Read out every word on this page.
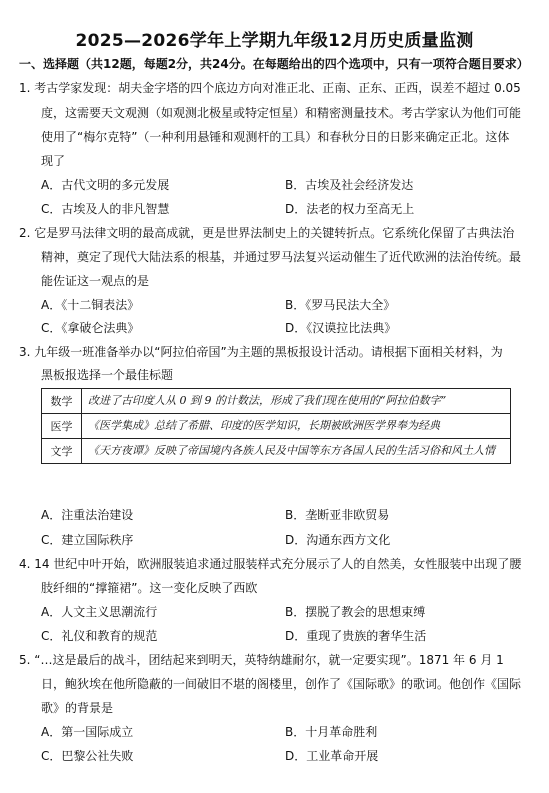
2025—2026学年上学期九年级12月历史质量监测
一、选择题（共12题，每题2分，共24分。在每题给出的四个选项中，只有一项符合题目要求）
1. 考古学家发现：胡夫金字塔的四个底边方向对准正北、正南、正东、正西，误差不超过 0.05
度，这需要天文观测（如观测北极星或特定恒星）和精密测量技术。考古学家认为他们可能
使用了“梅尔克特”（一种利用悬锤和观测杆的工具）和春秋分日的日影来确定正北。这体
现了
A．古代文明的多元发展	B．古埃及社会经济发达
C．古埃及人的非凡智慧	D．法老的权力至高无上
2. 它是罗马法律文明的最高成就，更是世界法制史上的关键转折点。它系统化保留了古典法治
精神，奠定了现代大陆法系的根基，并通过罗马法复兴运动催生了近代欧洲的法治传统。最
能佐证这一观点的是
A．《十二铜表法》	B．《罗马民法大全》
C．《拿破仑法典》	D．《汉谟拉比法典》
3. 九年级一班准备举办以“阿拉伯帝国”为主题的黑板报设计活动。请根据下面相关材料，为
黑板报选择一个最佳标题
数学	改进了古印度人从 0 到 9 的计数法，形成了我们现在使用的“阿拉伯数字”
医学	《医学集成》总结了希腊、印度的医学知识，长期被欧洲医学界奉为经典
文学	《天方夜谭》反映了帝国境内各族人民及中国等东方各国人民的生活习俗和风土人情
A．注重法治建设	B．垄断亚非欧贸易
C．建立国际秩序	D．沟通东西方文化
4. 14 世纪中叶开始，欧洲服装追求通过服装样式充分展示了人的自然美，女性服装中出现了腰
肢纤细的“撑箍裙”。这一变化反映了西欧
A．人文主义思潮流行	B．摆脱了教会的思想束缚
C．礼仪和教育的规范	D．重现了贵族的奢华生活
5. “…这是最后的战斗，团结起来到明天，英特纳雄耐尔，就一定要实现”。1871 年 6 月 1
日，鲍狄埃在他所隐蔽的一间破旧不堪的阁楼里，创作了《国际歌》的歌词。他创作《国际
歌》的背景是
A．第一国际成立	B．十月革命胜利
C．巴黎公社失败	D．工业革命开展
